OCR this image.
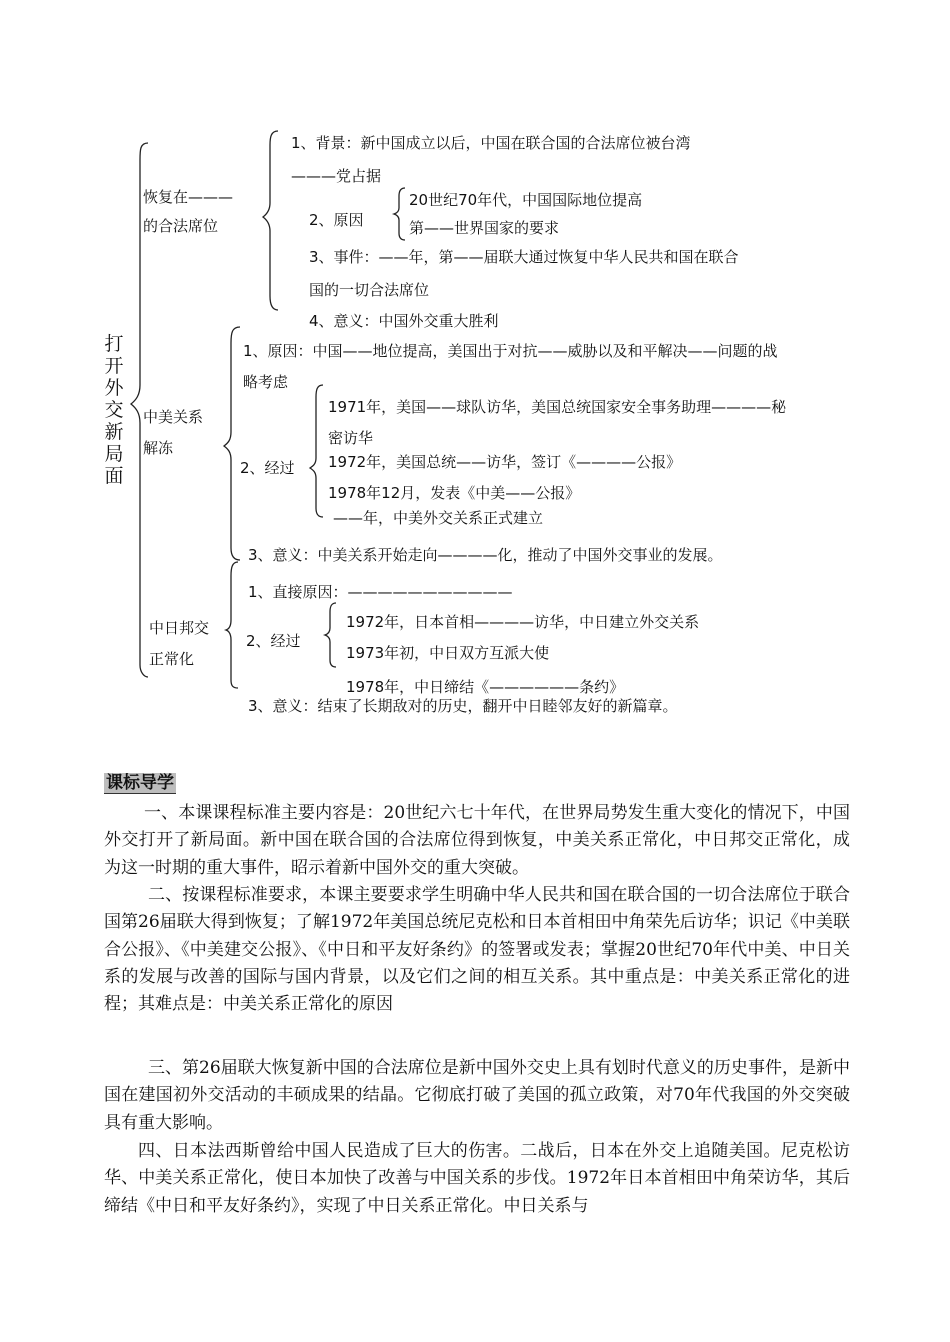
打开外交新局面
恢复在———
的合法席位
1、背景：新中国成立以后，中国在联合国的合法席位被台湾
———党占据
2、原因
20世纪70年代，中国国际地位提高
第——世界国家的要求
3、事件：——年，第——届联大通过恢复中华人民共和国在联合
国的一切合法席位
4、意义：中国外交重大胜利
中美关系
解冻
1、原因：中国——地位提高，美国出于对抗——威胁以及和平解决——问题的战
略考虑
2、经过
1971年，美国——球队访华，美国总统国家安全事务助理————秘
密访华
1972年，美国总统——访华，签订《————公报》
1978年12月，发表《中美——公报》
——年，中美外交关系正式建立
3、意义：中美关系开始走向————化，推动了中国外交事业的发展。
中日邦交
正常化
1、直接原因：———————————
2、经过
1972年，日本首相————访华，中日建立外交关系
1973年初，中日双方互派大使
1978年，中日缔结《——————条约》
3、意义：结束了长期敌对的历史，翻开中日睦邻友好的新篇章。
课标导学
一、本课课程标准主要内容是：20世纪六七十年代，在世界局势发生重大变化的情况下，中国外交打开了新局面。新中国在联合国的合法席位得到恢复，中美关系正常化，中日邦交正常化，成为这一时期的重大事件，昭示着新中国外交的重大突破。
二、按课程标准要求，本课主要要求学生明确中华人民共和国在联合国的一切合法席位于联合国第26届联大得到恢复；了解1972年美国总统尼克松和日本首相田中角荣先后访华；识记《中美联合公报》、《中美建交公报》、《中日和平友好条约》的签署或发表；掌握20世纪70年代中美、中日关系的发展与改善的国际与国内背景，以及它们之间的相互关系。其中重点是：中美关系正常化的进程；其难点是：中美关系正常化的原因
三、第26届联大恢复新中国的合法席位是新中国外交史上具有划时代意义的历史事件，是新中国在建国初外交活动的丰硕成果的结晶。它彻底打破了美国的孤立政策，对70年代我国的外交突破具有重大影响。
四、日本法西斯曾给中国人民造成了巨大的伤害。二战后，日本在外交上追随美国。尼克松访华、中美关系正常化，使日本加快了改善与中国关系的步伐。1972年日本首相田中角荣访华，其后缔结《中日和平友好条约》，实现了中日关系正常化。中日关系与
